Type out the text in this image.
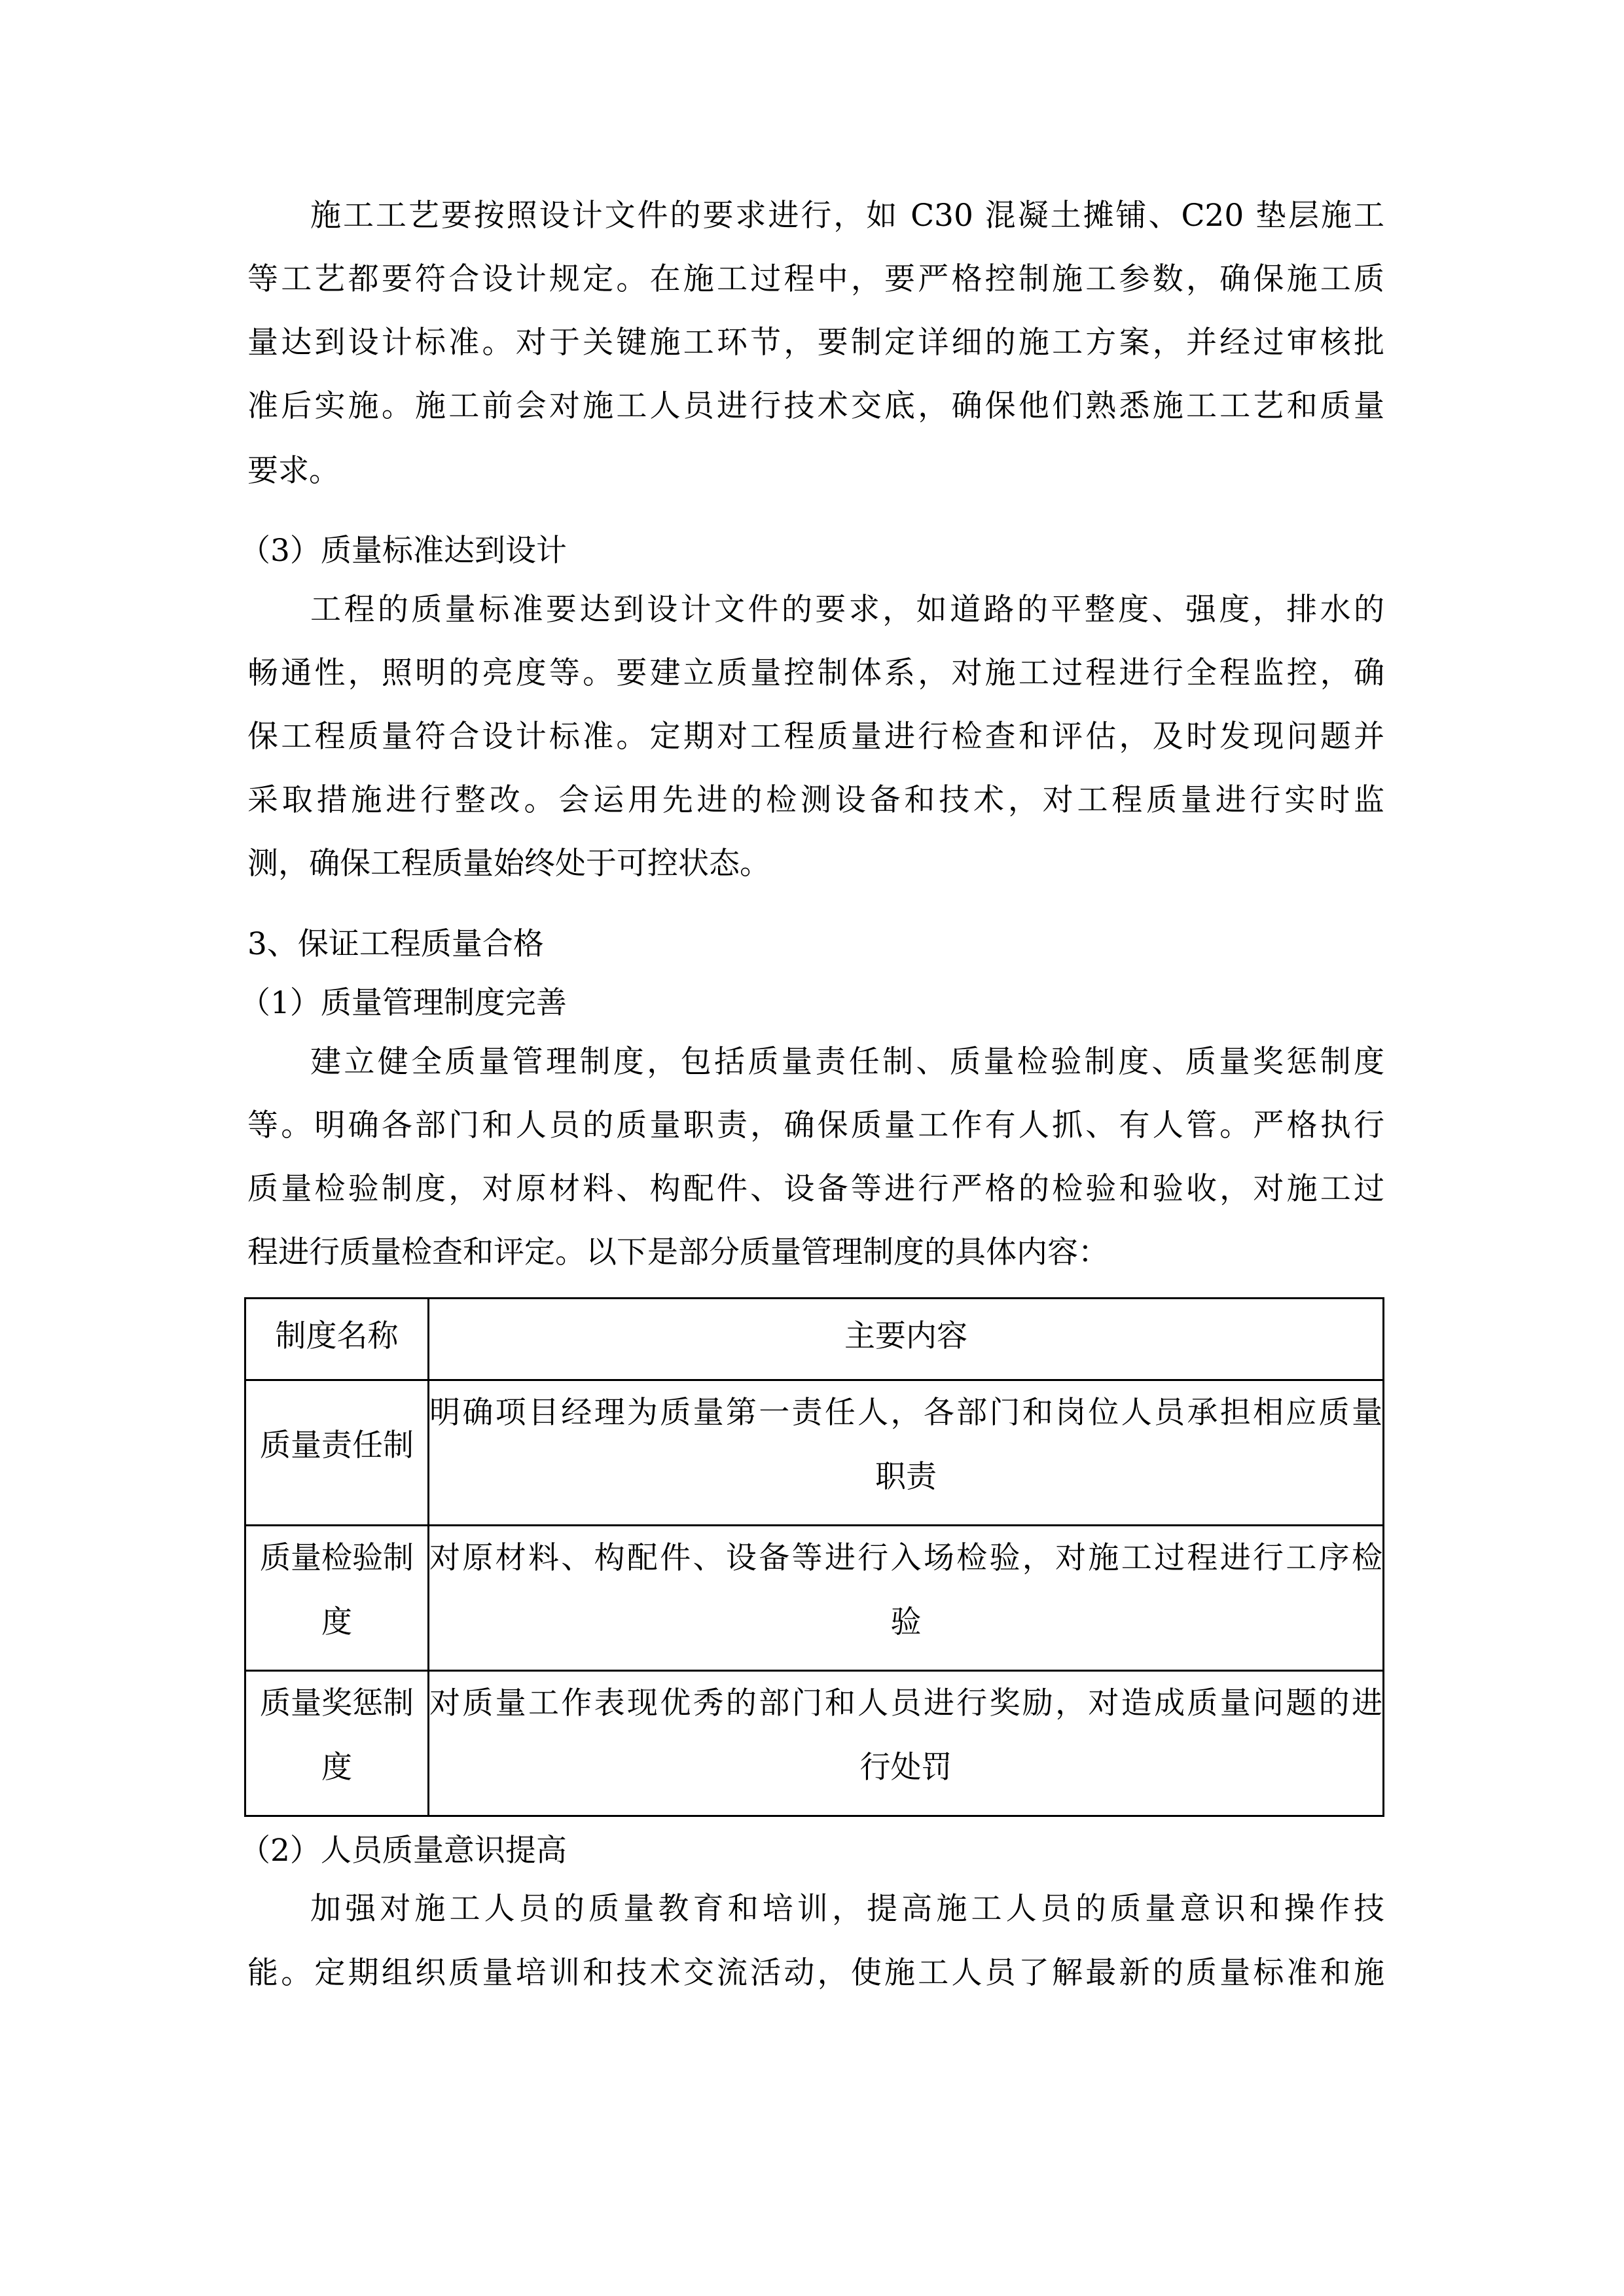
施工工艺要按照设计文件的要求进行，如 C30 混凝土摊铺、C20 垫层施工
等工艺都要符合设计规定。在施工过程中，要严格控制施工参数，确保施工质
量达到设计标准。对于关键施工环节，要制定详细的施工方案，并经过审核批
准后实施。施工前会对施工人员进行技术交底，确保他们熟悉施工工艺和质量
要求。
（3）质量标准达到设计
工程的质量标准要达到设计文件的要求，如道路的平整度、强度，排水的
畅通性，照明的亮度等。要建立质量控制体系，对施工过程进行全程监控，确
保工程质量符合设计标准。定期对工程质量进行检查和评估，及时发现问题并
采取措施进行整改。会运用先进的检测设备和技术，对工程质量进行实时监
测，确保工程质量始终处于可控状态。
3、保证工程质量合格
（1）质量管理制度完善
建立健全质量管理制度，包括质量责任制、质量检验制度、质量奖惩制度
等。明确各部门和人员的质量职责，确保质量工作有人抓、有人管。严格执行
质量检验制度，对原材料、构配件、设备等进行严格的检验和验收，对施工过
程进行质量检查和评定。以下是部分质量管理制度的具体内容：
制度名称	主要内容

质量责任制	明确项目经理为质量第一责任人，各部门和岗位人员承担相应质量
职责

质量检验制
度	对原材料、构配件、设备等进行入场检验，对施工过程进行工序检
验

质量奖惩制
度	对质量工作表现优秀的部门和人员进行奖励，对造成质量问题的进
行处罚
（2）人员质量意识提高
加强对施工人员的质量教育和培训，提高施工人员的质量意识和操作技
能。定期组织质量培训和技术交流活动，使施工人员了解最新的质量标准和施
